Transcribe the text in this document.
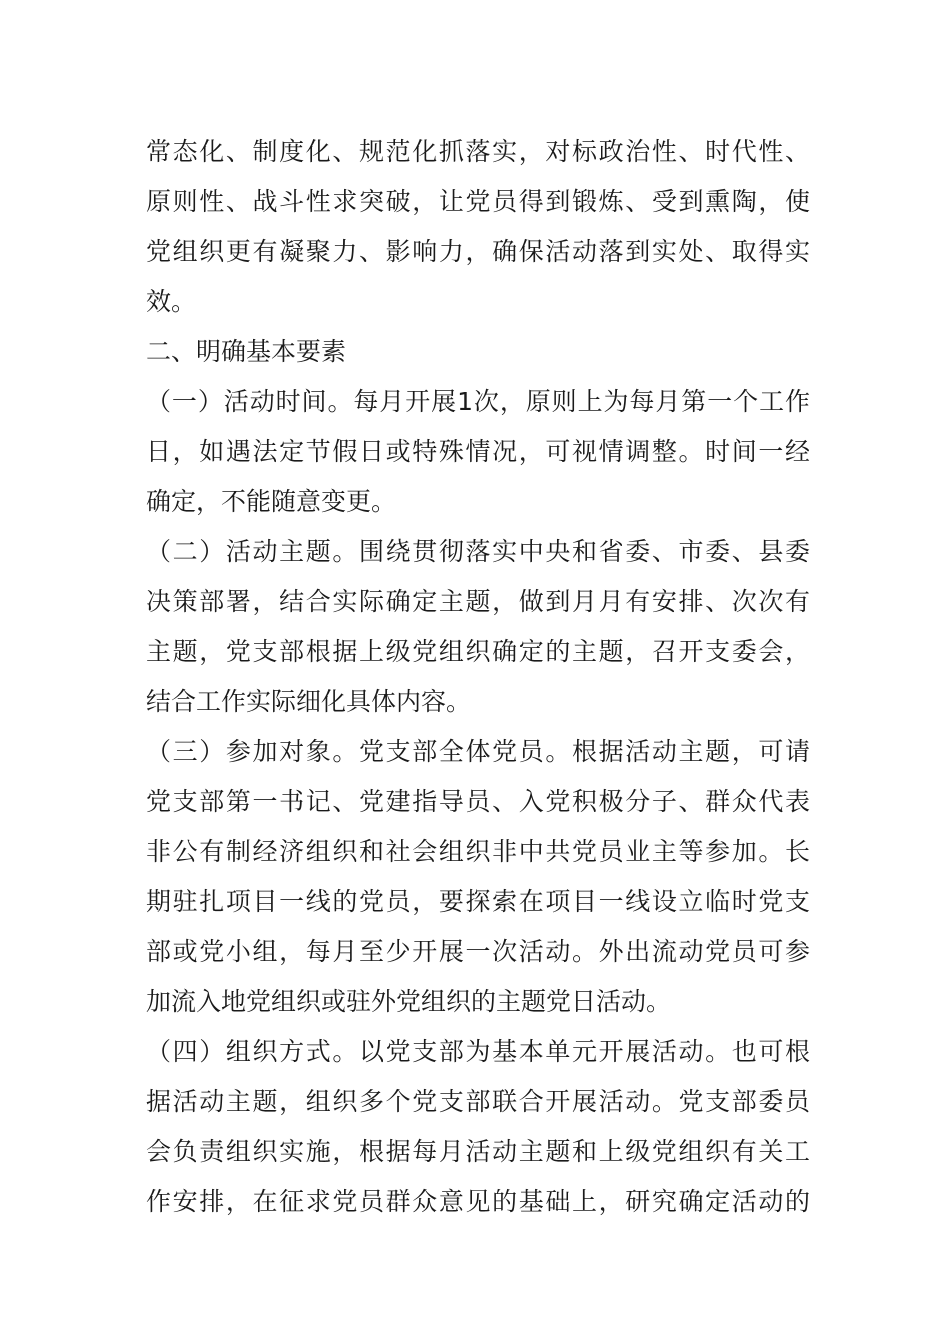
常态化、制度化、规范化抓落实，对标政治性、时代性、
原则性、战斗性求突破，让党员得到锻炼、受到熏陶，使
党组织更有凝聚力、影响力，确保活动落到实处、取得实
效。
二、明确基本要素
（一）活动时间。每月开展1次，原则上为每月第一个工作
日，如遇法定节假日或特殊情况，可视情调整。时间一经
确定，不能随意变更。
（二）活动主题。围绕贯彻落实中央和省委、市委、县委
决策部署，结合实际确定主题，做到月月有安排、次次有
主题，党支部根据上级党组织确定的主题，召开支委会，
结合工作实际细化具体内容。
（三）参加对象。党支部全体党员。根据活动主题，可请
党支部第一书记、党建指导员、入党积极分子、群众代表
非公有制经济组织和社会组织非中共党员业主等参加。长
期驻扎项目一线的党员，要探索在项目一线设立临时党支
部或党小组，每月至少开展一次活动。外出流动党员可参
加流入地党组织或驻外党组织的主题党日活动。
（四）组织方式。以党支部为基本单元开展活动。也可根
据活动主题，组织多个党支部联合开展活动。党支部委员
会负责组织实施，根据每月活动主题和上级党组织有关工
作安排，在征求党员群众意见的基础上，研究确定活动的
